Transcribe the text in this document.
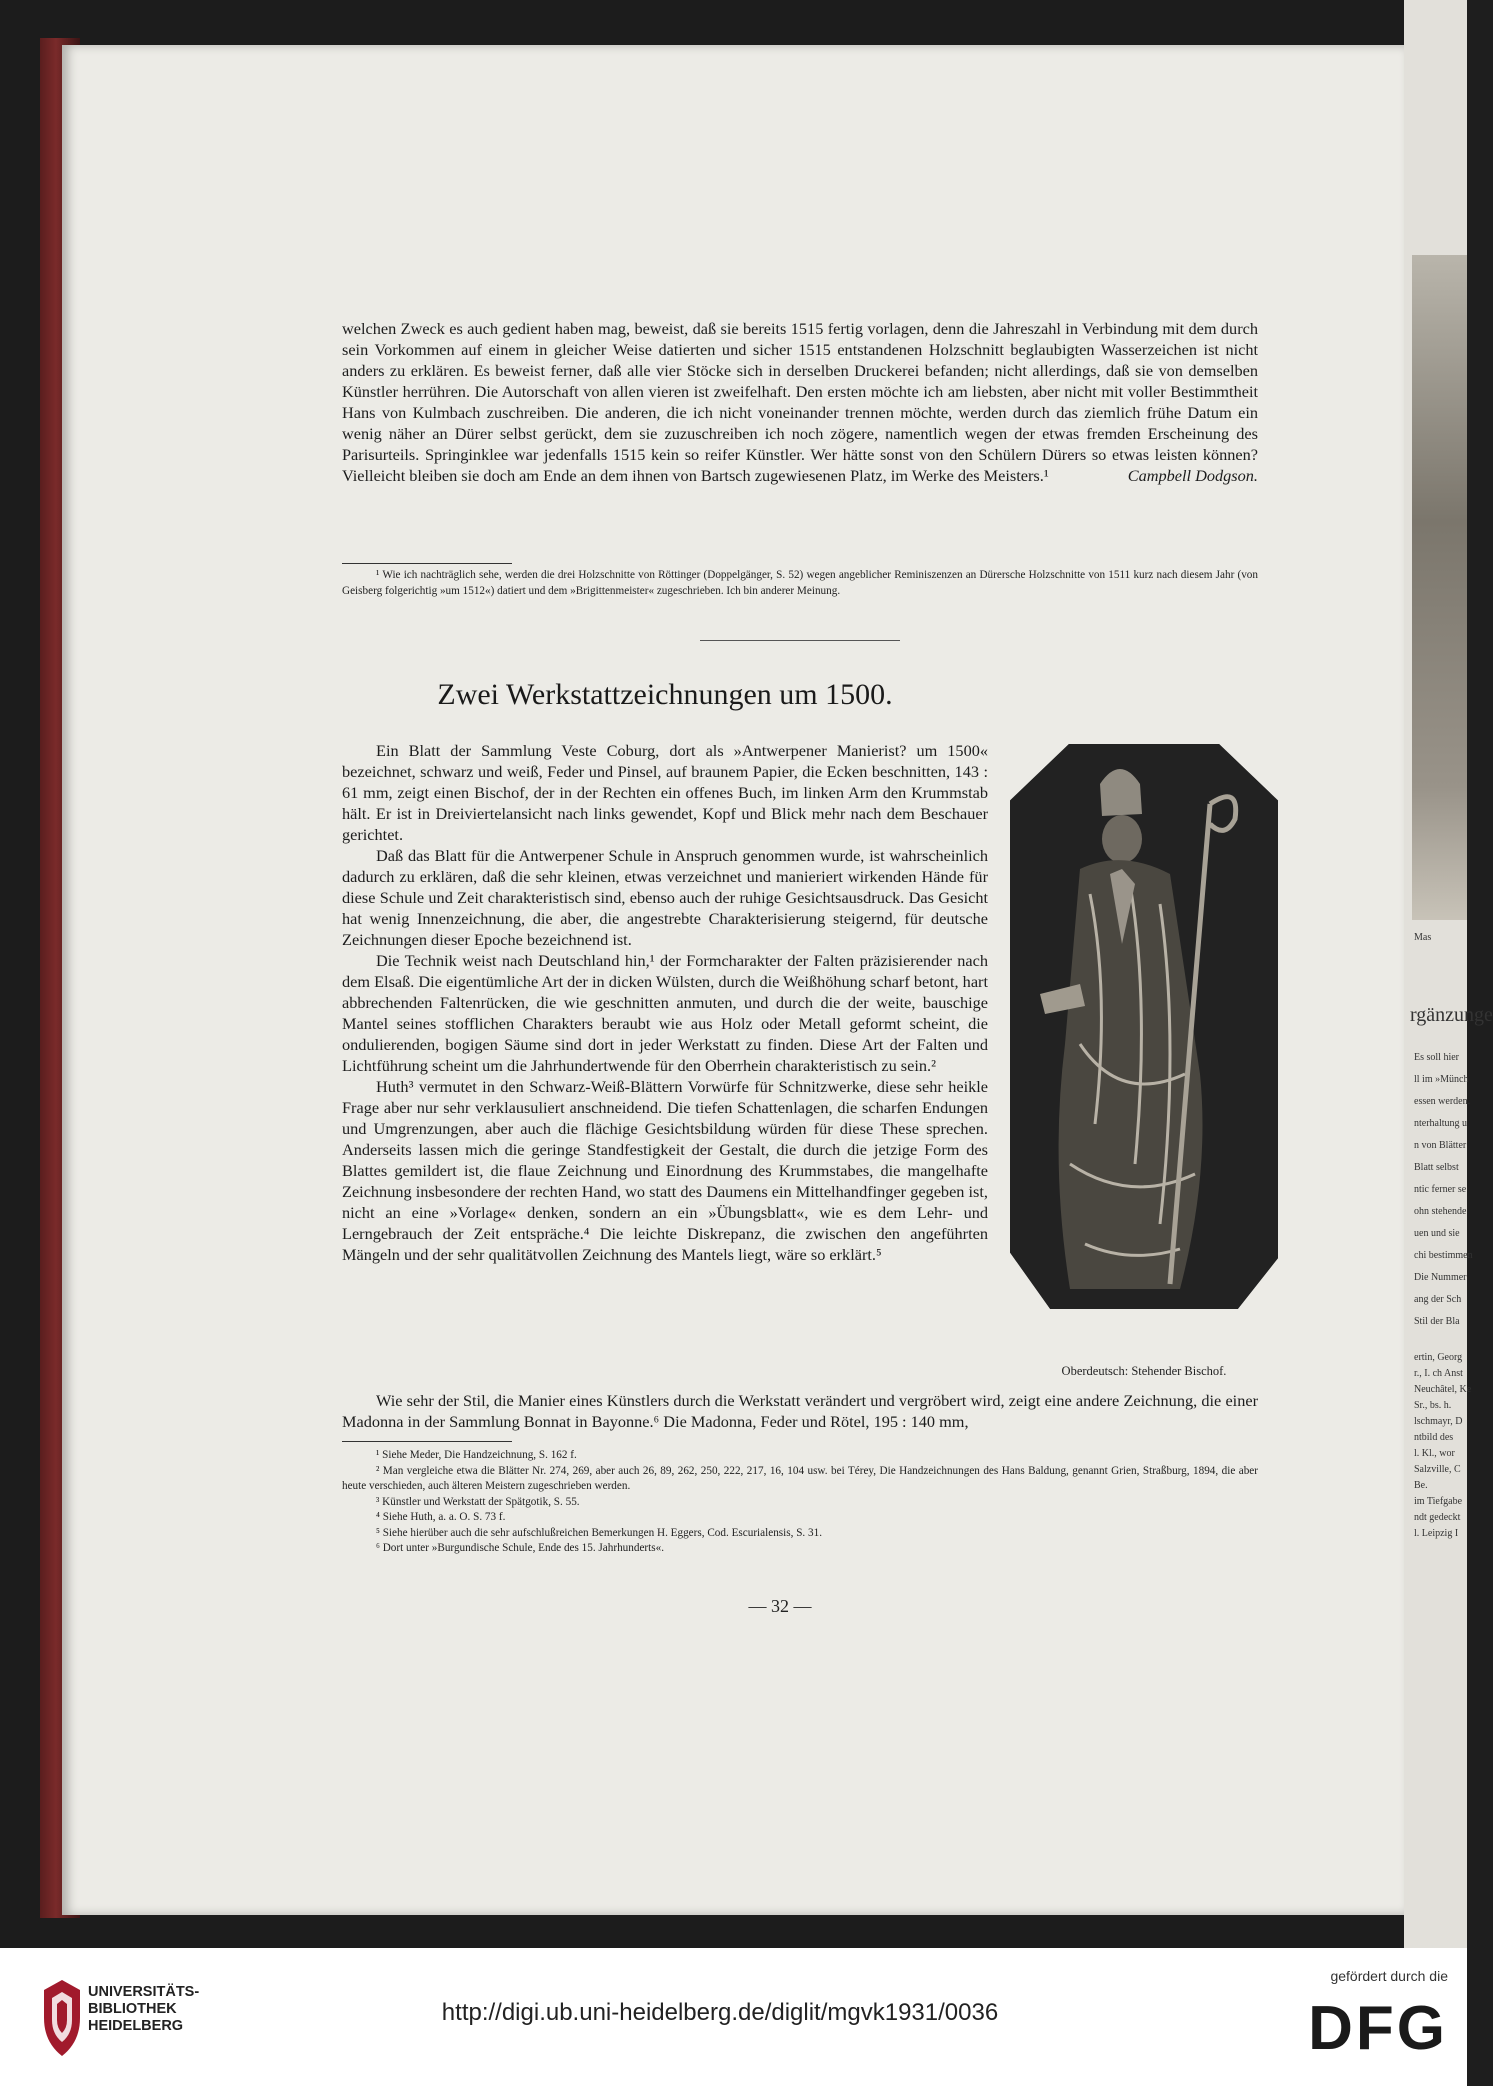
Mas
rgänzunge
Es soll hier
ll im »Münch
essen werden.
nterhaltung u
n von Blätter
Blatt selbst
ntic ferner se
ohn stehende
uen und sie
chi bestimmen
Die Nummer
ang der Sch
Stil der Bla
ertin, Georg
r., I. ch Anst
Neuchâtel, Ke
Sr., bs. h.
lschmayr, D
ntbild des
l. Kl., wor
Salzville, C
Be.
im Tiefgabe
ndt gedeckt
l. Leipzig I

welchen Zweck es auch gedient haben mag, beweist, daß sie bereits 1515 fertig vorlagen, denn die Jahreszahl in Verbindung mit dem durch sein Vorkommen auf einem in gleicher Weise datierten und sicher 1515 entstandenen Holzschnitt beglaubigten Wasserzeichen ist nicht anders zu erklären. Es beweist ferner, daß alle vier Stöcke sich in derselben Druckerei befanden; nicht allerdings, daß sie von demselben Künstler herrühren. Die Autorschaft von allen vieren ist zweifelhaft. Den ersten möchte ich am liebsten, aber nicht mit voller Bestimmtheit Hans von Kulmbach zuschreiben. Die anderen, die ich nicht voneinander trennen möchte, werden durch das ziemlich frühe Datum ein wenig näher an Dürer selbst gerückt, dem sie zuzuschreiben ich noch zögere, namentlich wegen der etwas fremden Erscheinung des Parisurteils. Springinklee war jedenfalls 1515 kein so reifer Künstler. Wer hätte sonst von den Schülern Dürers so etwas leisten können? Vielleicht bleiben sie doch am Ende an dem ihnen von Bartsch zugewiesenen Platz, im Werke des Meisters.¹	Campbell Dodgson.

¹ Wie ich nachträglich sehe, werden die drei Holzschnitte von Röttinger (Doppelgänger, S. 52) wegen angeblicher Reminiszenzen an Dürersche Holzschnitte von 1511 kurz nach diesem Jahr (von Geisberg folgerichtig »um 1512«) datiert und dem »Brigittenmeister« zugeschrieben. Ich bin anderer Meinung.

Zwei Werkstattzeichnungen um 1500.

Ein Blatt der Sammlung Veste Coburg, dort als »Antwerpener Manierist? um 1500« bezeichnet, schwarz und weiß, Feder und Pinsel, auf braunem Papier, die Ecken beschnitten, 143 : 61 mm, zeigt einen Bischof, der in der Rechten ein offenes Buch, im linken Arm den Krummstab hält. Er ist in Dreiviertelansicht nach links gewendet, Kopf und Blick mehr nach dem Beschauer gerichtet.

Daß das Blatt für die Antwerpener Schule in Anspruch genommen wurde, ist wahrscheinlich dadurch zu erklären, daß die sehr kleinen, etwas verzeichnet und manieriert wirkenden Hände für diese Schule und Zeit charakteristisch sind, ebenso auch der ruhige Gesichtsausdruck. Das Gesicht hat wenig Innenzeichnung, die aber, die angestrebte Charakterisierung steigernd, für deutsche Zeichnungen dieser Epoche bezeichnend ist.

Die Technik weist nach Deutschland hin,¹ der Formcharakter der Falten präzisierender nach dem Elsaß. Die eigentümliche Art der in dicken Wülsten, durch die Weißhöhung scharf betont, hart abbrechenden Faltenrücken, die wie geschnitten anmuten, und durch die der weite, bauschige Mantel seines stofflichen Charakters beraubt wie aus Holz oder Metall geformt scheint, die ondulierenden, bogigen Säume sind dort in jeder Werkstatt zu finden. Diese Art der Falten und Lichtführung scheint um die Jahrhundertwende für den Oberrhein charakteristisch zu sein.²

Huth³ vermutet in den Schwarz-Weiß-Blättern Vorwürfe für Schnitzwerke, diese sehr heikle Frage aber nur sehr verklausuliert anschneidend. Die tiefen Schattenlagen, die scharfen Endungen und Umgrenzungen, aber auch die flächige Gesichtsbildung würden für diese These sprechen. Anderseits lassen mich die geringe Standfestigkeit der Gestalt, die durch die jetzige Form des Blattes gemildert ist, die flaue Zeichnung und Einordnung des Krummstabes, die mangelhafte Zeichnung insbesondere der rechten Hand, wo statt des Daumens ein Mittelhandfinger gegeben ist, nicht an eine »Vorlage« denken, sondern an ein »Übungsblatt«, wie es dem Lehr- und Lerngebrauch der Zeit entspräche.⁴ Die leichte Diskrepanz, die zwischen den angeführten Mängeln und der sehr qualitätvollen Zeichnung des Mantels liegt, wäre so erklärt.⁵

Wie sehr der Stil, die Manier eines Künstlers durch die Werkstatt verändert und vergröbert wird, zeigt eine andere Zeichnung, die einer Madonna in der Sammlung Bonnat in Bayonne.⁶ Die Madonna, Feder und Rötel, 195 : 140 mm,

Oberdeutsch: Stehender Bischof.

¹ Siehe Meder, Die Handzeichnung, S. 162 f.

² Man vergleiche etwa die Blätter Nr. 274, 269, aber auch 26, 89, 262, 250, 222, 217, 16, 104 usw. bei Térey, Die Handzeichnungen des Hans Baldung, genannt Grien, Straßburg, 1894, die aber heute verschieden, auch älteren Meistern zugeschrieben werden.

³ Künstler und Werkstatt der Spätgotik, S. 55.

⁴ Siehe Huth, a. a. O. S. 73 f.

⁵ Siehe hierüber auch die sehr aufschlußreichen Bemerkungen H. Eggers, Cod. Escurialensis, S. 31.

⁶ Dort unter »Burgundische Schule, Ende des 15. Jahrhunderts«.

— 32 —
UNIVERSITÄTS-
BIBLIOTHEK
HEIDELBERG	http://digi.ub.uni-heidelberg.de/diglit/mgvk1931/0036
gefördert durch die
DFG
